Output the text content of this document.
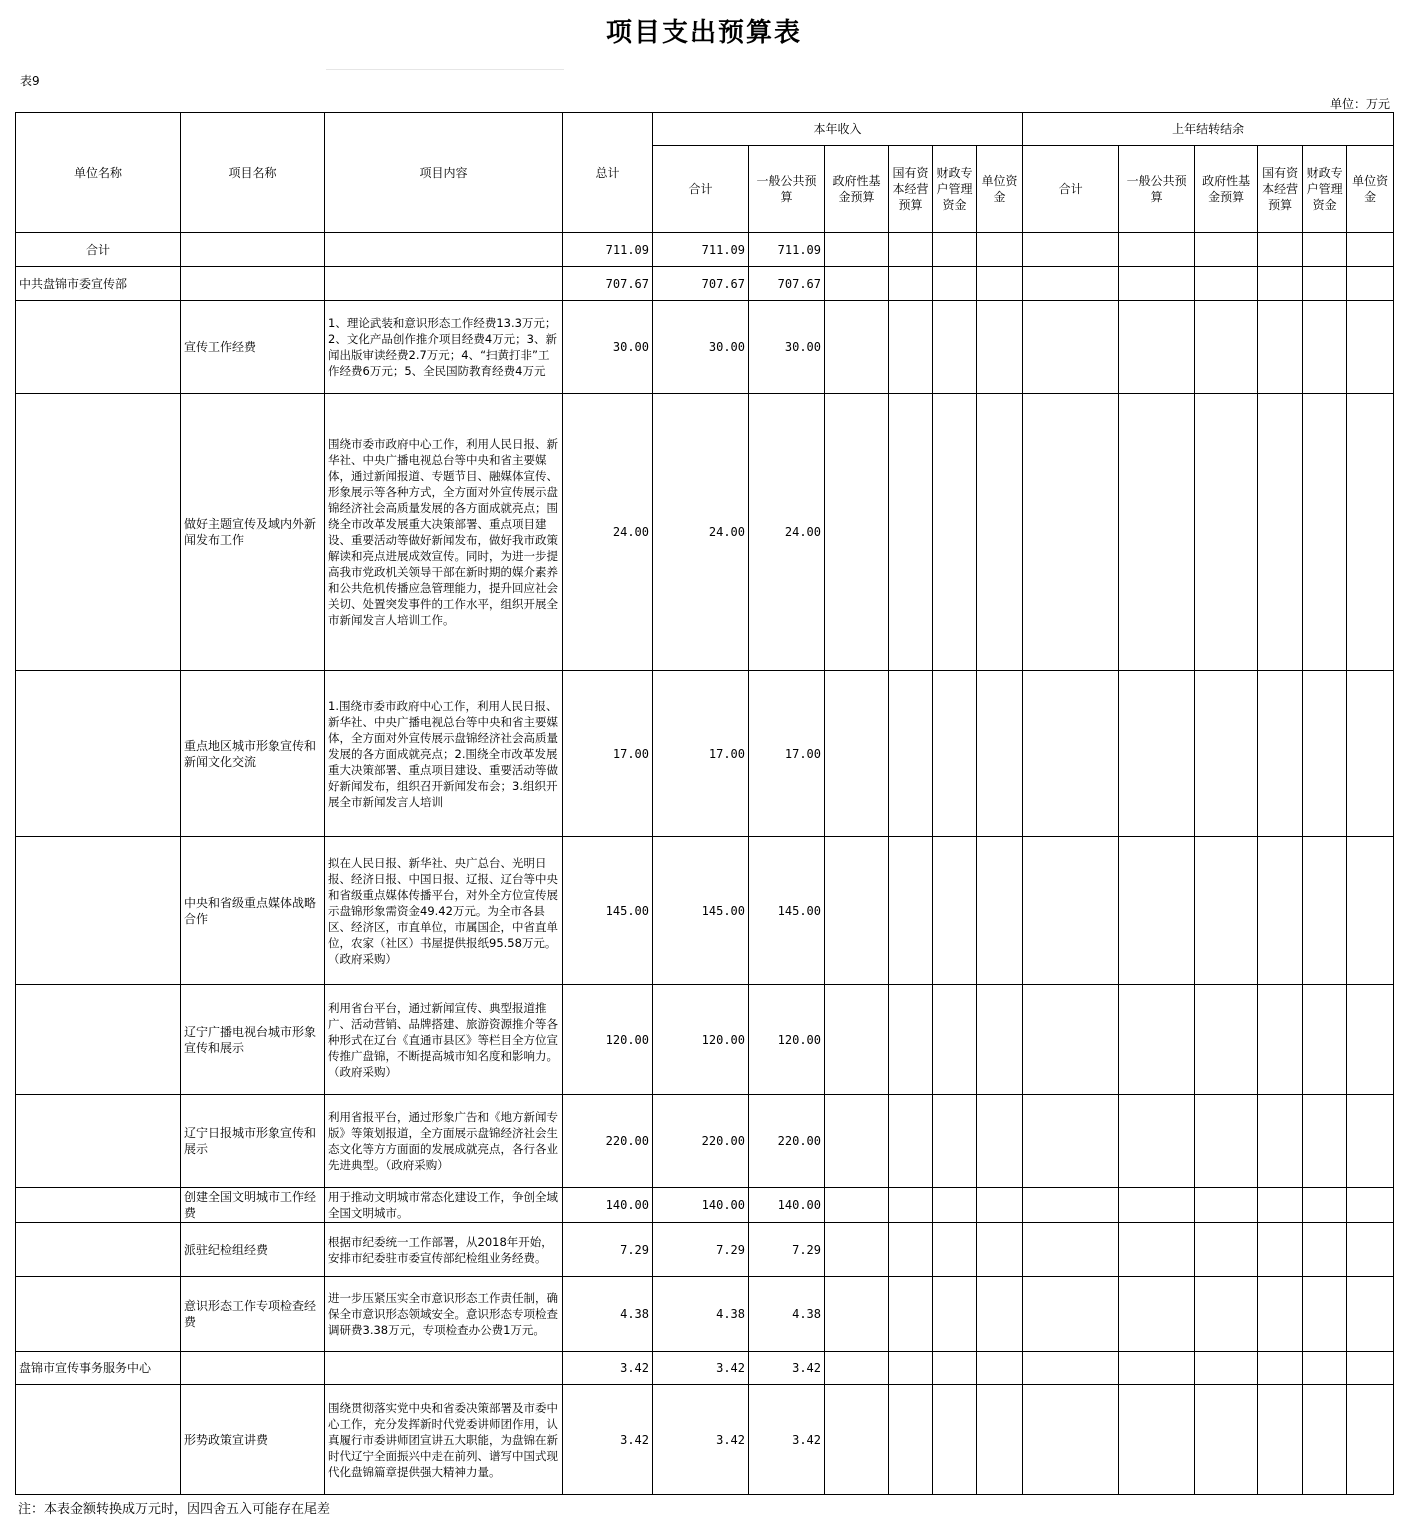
项目支出预算表
表9
单位：万元
单位名称	项目名称	项目内容	总计	本年收入						上年结转结余					
				合计	一般公共预算	政府性基金预算	国有资本经营预算	财政专户管理资金	单位资金	合计	一般公共预算	政府性基金预算	国有资本经营预算	财政专户管理资金	单位资金
合计			711.09	711.09	711.09										
中共盘锦市委宣传部			707.67	707.67	707.67										
	宣传工作经费	1、理论武装和意识形态工作经费13.3万元；2、文化产品创作推介项目经费4万元；3、新闻出版审读经费2.7万元；4、“扫黄打非”工作经费6万元；5、全民国防教育经费4万元	30.00	30.00	30.00										
	做好主题宣传及域内外新闻发布工作	围绕市委市政府中心工作，利用人民日报、新华社、中央广播电视总台等中央和省主要媒体，通过新闻报道、专题节目、融媒体宣传、形象展示等各种方式，全方面对外宣传展示盘锦经济社会高质量发展的各方面成就亮点；围绕全市改革发展重大决策部署、重点项目建设、重要活动等做好新闻发布，做好我市政策解读和亮点进展成效宣传。同时，为进一步提高我市党政机关领导干部在新时期的媒介素养和公共危机传播应急管理能力，提升回应社会关切、处置突发事件的工作水平，组织开展全市新闻发言人培训工作。	24.00	24.00	24.00										
	重点地区城市形象宣传和新闻文化交流	1.围绕市委市政府中心工作，利用人民日报、新华社、中央广播电视总台等中央和省主要媒体，全方面对外宣传展示盘锦经济社会高质量发展的各方面成就亮点；2.围绕全市改革发展重大决策部署、重点项目建设、重要活动等做好新闻发布，组织召开新闻发布会；3.组织开展全市新闻发言人培训	17.00	17.00	17.00										
	中央和省级重点媒体战略合作	拟在人民日报、新华社、央广总台、光明日报、经济日报、中国日报、辽报、辽台等中央和省级重点媒体传播平台，对外全方位宣传展示盘锦形象需资金49.42万元。为全市各县区、经济区，市直单位，市属国企，中省直单位，农家（社区）书屋提供报纸95.58万元。（政府采购）	145.00	145.00	145.00										
	辽宁广播电视台城市形象宣传和展示	利用省台平台，通过新闻宣传、典型报道推广、活动营销、品牌搭建、旅游资源推介等各种形式在辽台《直通市县区》等栏目全方位宣传推广盘锦，不断提高城市知名度和影响力。（政府采购）	120.00	120.00	120.00										
	辽宁日报城市形象宣传和展示	利用省报平台，通过形象广告和《地方新闻专版》等策划报道，全方面展示盘锦经济社会生态文化等方方面面的发展成就亮点，各行各业先进典型。（政府采购）	220.00	220.00	220.00										
	创建全国文明城市工作经费	用于推动文明城市常态化建设工作，争创全域全国文明城市。	140.00	140.00	140.00										
	派驻纪检组经费	根据市纪委统一工作部署，从2018年开始，安排市纪委驻市委宣传部纪检组业务经费。	7.29	7.29	7.29										
	意识形态工作专项检查经费	进一步压紧压实全市意识形态工作责任制，确保全市意识形态领域安全。意识形态专项检查调研费3.38万元，专项检查办公费1万元。	4.38	4.38	4.38										
盘锦市宣传事务服务中心			3.42	3.42	3.42										
	形势政策宣讲费	围绕贯彻落实党中央和省委决策部署及市委中心工作，充分发挥新时代党委讲师团作用，认真履行市委讲师团宣讲五大职能，为盘锦在新时代辽宁全面振兴中走在前列、谱写中国式现代化盘锦篇章提供强大精神力量。	3.42	3.42	3.42										
注：本表金额转换成万元时，因四舍五入可能存在尾差
